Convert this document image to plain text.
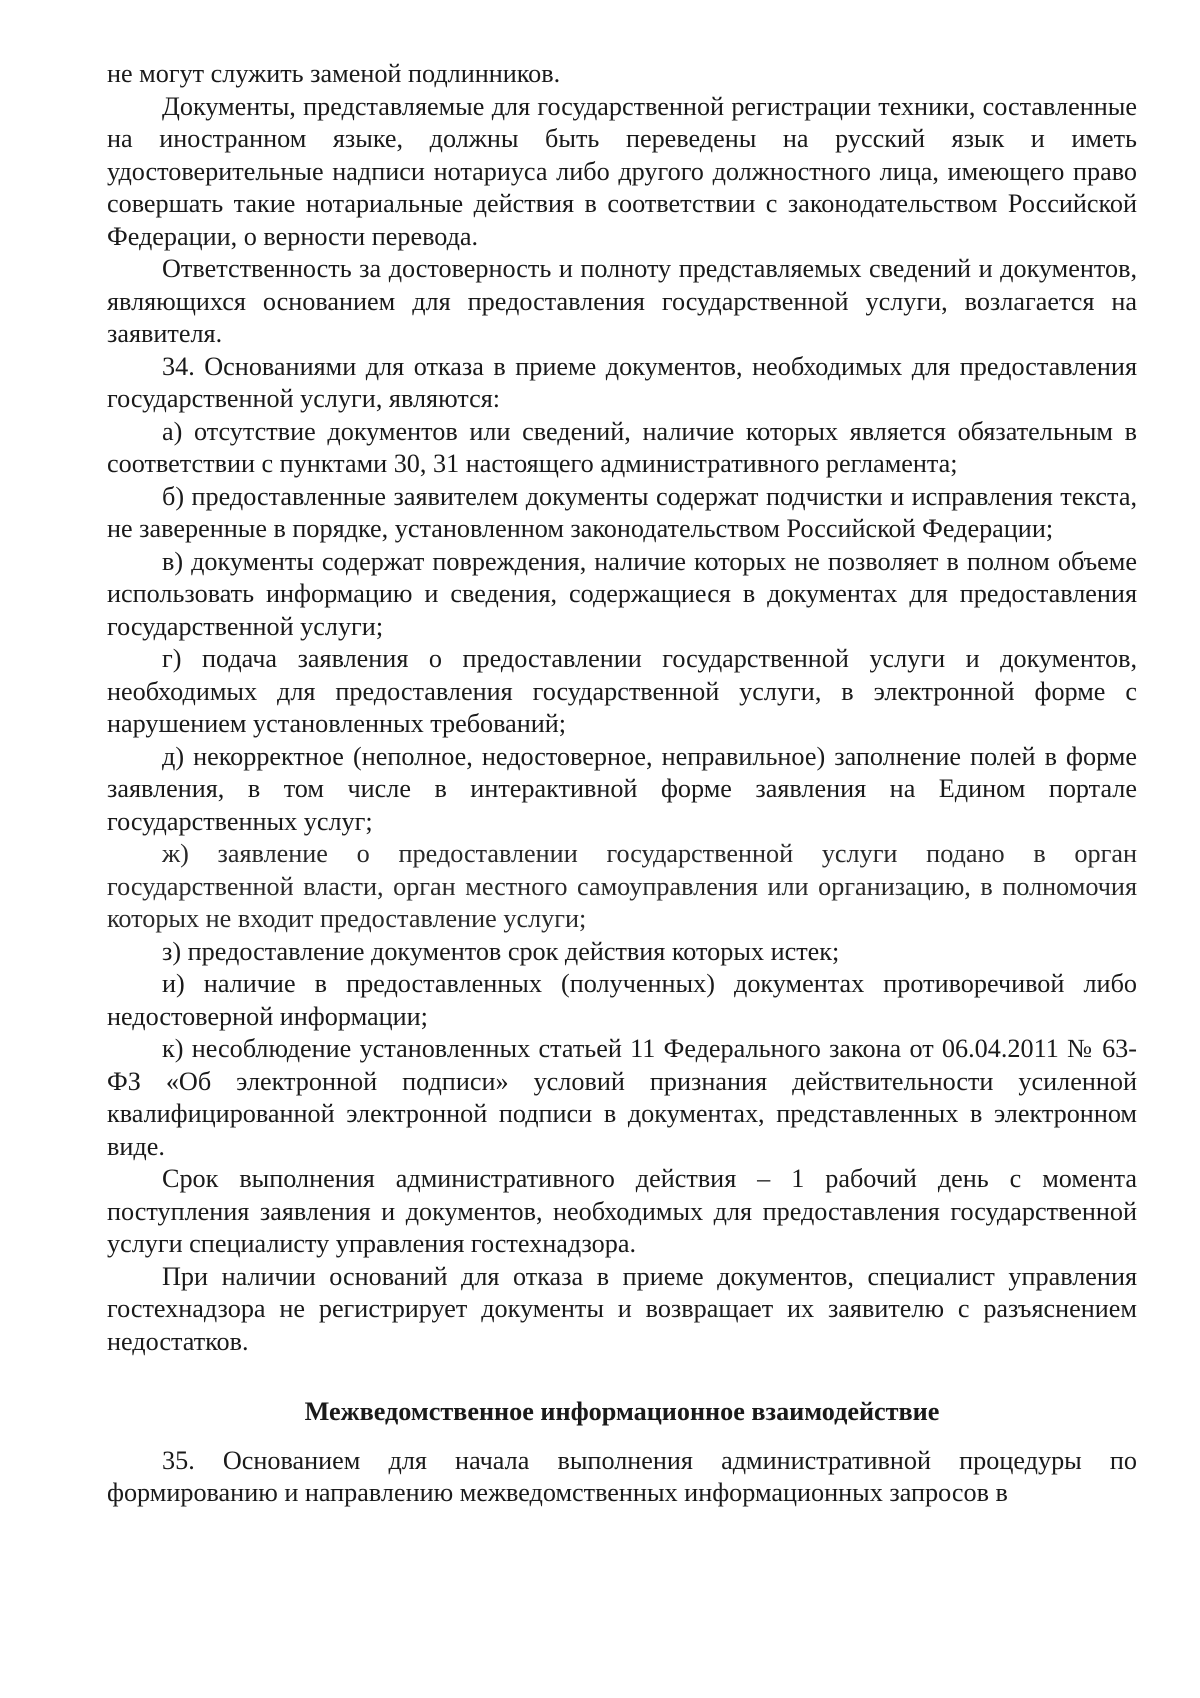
не могут служить заменой подлинников.

Документы, представляемые для государственной регистрации техники, составленные на иностранном языке, должны быть переведены на русский язык и иметь удостоверительные надписи нотариуса либо другого должностного лица, имеющего право совершать такие нотариальные действия в соответствии с законодательством Российской Федерации, о верности перевода.

Ответственность за достоверность и полноту представляемых сведений и документов, являющихся основанием для предоставления государственной услуги, возлагается на заявителя.

34. Основаниями для отказа в приеме документов, необходимых для предоставления государственной услуги, являются:

а) отсутствие документов или сведений, наличие которых является обязательным в соответствии с пунктами 30, 31 настоящего административного регламента;

б) предоставленные заявителем документы содержат подчистки и исправления текста, не заверенные в порядке, установленном законодательством Российской Федерации;

в) документы содержат повреждения, наличие которых не позволяет в полном объеме использовать информацию и сведения, содержащиеся в документах для предоставления государственной услуги;

г) подача заявления о предоставлении государственной услуги и документов, необходимых для предоставления государственной услуги, в электронной форме с нарушением установленных требований;

д) некорректное (неполное, недостоверное, неправильное) заполнение полей в форме заявления, в том числе в интерактивной форме заявления на Едином портале государственных услуг;

ж) заявление о предоставлении государственной услуги подано в орган государственной власти, орган местного самоуправления или организацию, в полномочия которых не входит предоставление услуги;

з) предоставление документов срок действия которых истек;

и) наличие в предоставленных (полученных) документах противоречивой либо недостоверной информации;

к) несоблюдение установленных статьей 11 Федерального закона от 06.04.2011 № 63-ФЗ «Об электронной подписи» условий признания действительности усиленной квалифицированной электронной подписи в документах, представленных в электронном виде.

Срок выполнения административного действия – 1 рабочий день с момента поступления заявления и документов, необходимых для предоставления государственной услуги специалисту управления гостехнадзора.

При наличии оснований для отказа в приеме документов, специалист управления гостехнадзора не регистрирует документы и возвращает их заявителю с разъяснением недостатков.

Межведомственное информационное взаимодействие

35. Основанием для начала выполнения административной процедуры по формированию и направлению межведомственных информационных запросов в
